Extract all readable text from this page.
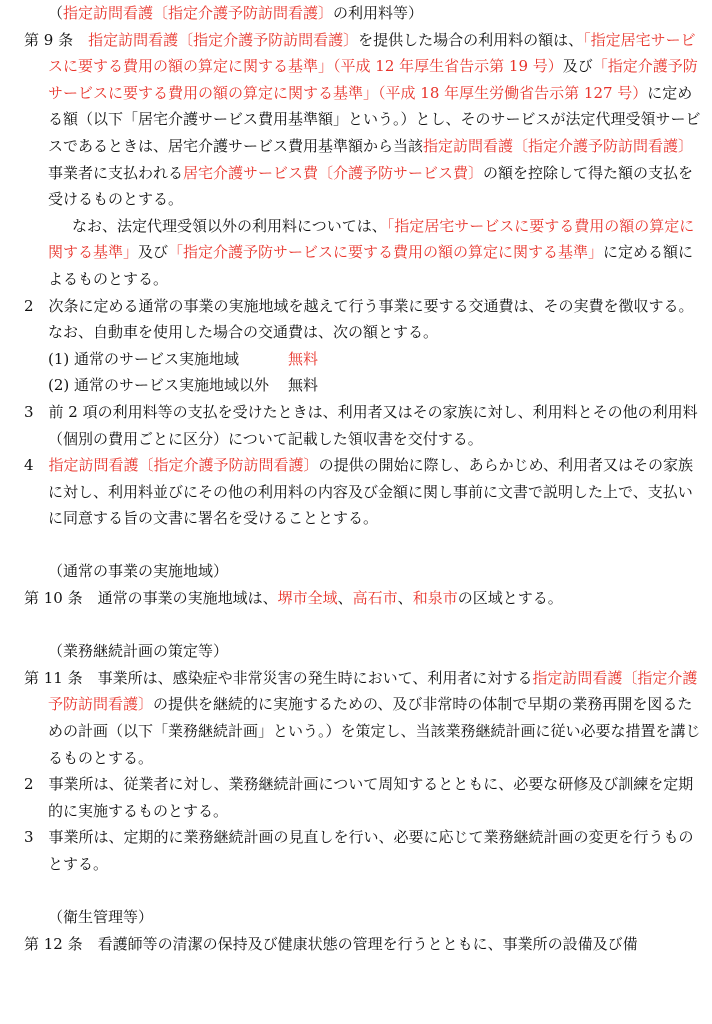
（指定訪問看護〔指定介護予防訪問看護〕の利用料等）

第 9 条　指定訪問看護〔指定介護予防訪問看護〕を提供した場合の利用料の額は、「指定居宅サービスに要する費用の額の算定に関する基準」（平成 12 年厚生省告示第 19 号）及び「指定介護予防サービスに要する費用の額の算定に関する基準」（平成 18 年厚生労働省告示第 127 号）に定める額（以下「居宅介護サービス費用基準額」という。）とし、そのサービスが法定代理受領サービスであるときは、居宅介護サービス費用基準額から当該指定訪問看護〔指定介護予防訪問看護〕事業者に支払われる居宅介護サービス費〔介護予防サービス費〕の額を控除して得た額の支払を受けるものとする。

なお、法定代理受領以外の利用料については、「指定居宅サービスに要する費用の額の算定に関する基準」及び「指定介護予防サービスに要する費用の額の算定に関する基準」に定める額によるものとする。

2　次条に定める通常の事業の実施地域を越えて行う事業に要する交通費は、その実費を徴収する。なお、自動車を使用した場合の交通費は、次の額とする。

(1) 通常のサービス実施地域	無料

(2) 通常のサービス実施地域以外 無料

3　前 2 項の利用料等の支払を受けたときは、利用者又はその家族に対し、利用料とその他の利用料（個別の費用ごとに区分）について記載した領収書を交付する。

4　指定訪問看護〔指定介護予防訪問看護〕の提供の開始に際し、あらかじめ、利用者又はその家族に対し、利用料並びにその他の利用料の内容及び金額に関し事前に文書で説明した上で、支払いに同意する旨の文書に署名を受けることとする。

（通常の事業の実施地域）

第 10 条　通常の事業の実施地域は、堺市全域、高石市、和泉市の区域とする。

（業務継続計画の策定等）

第 11 条　事業所は、感染症や非常災害の発生時において、利用者に対する指定訪問看護〔指定介護予防訪問看護〕の提供を継続的に実施するための、及び非常時の体制で早期の業務再開を図るための計画（以下「業務継続計画」という。）を策定し、当該業務継続計画に従い必要な措置を講じるものとする。

2　事業所は、従業者に対し、業務継続計画について周知するとともに、必要な研修及び訓練を定期的に実施するものとする。

3　事業所は、定期的に業務継続計画の見直しを行い、必要に応じて業務継続計画の変更を行うものとする。

（衛生管理等）

第 12 条　看護師等の清潔の保持及び健康状態の管理を行うとともに、事業所の設備及び備
